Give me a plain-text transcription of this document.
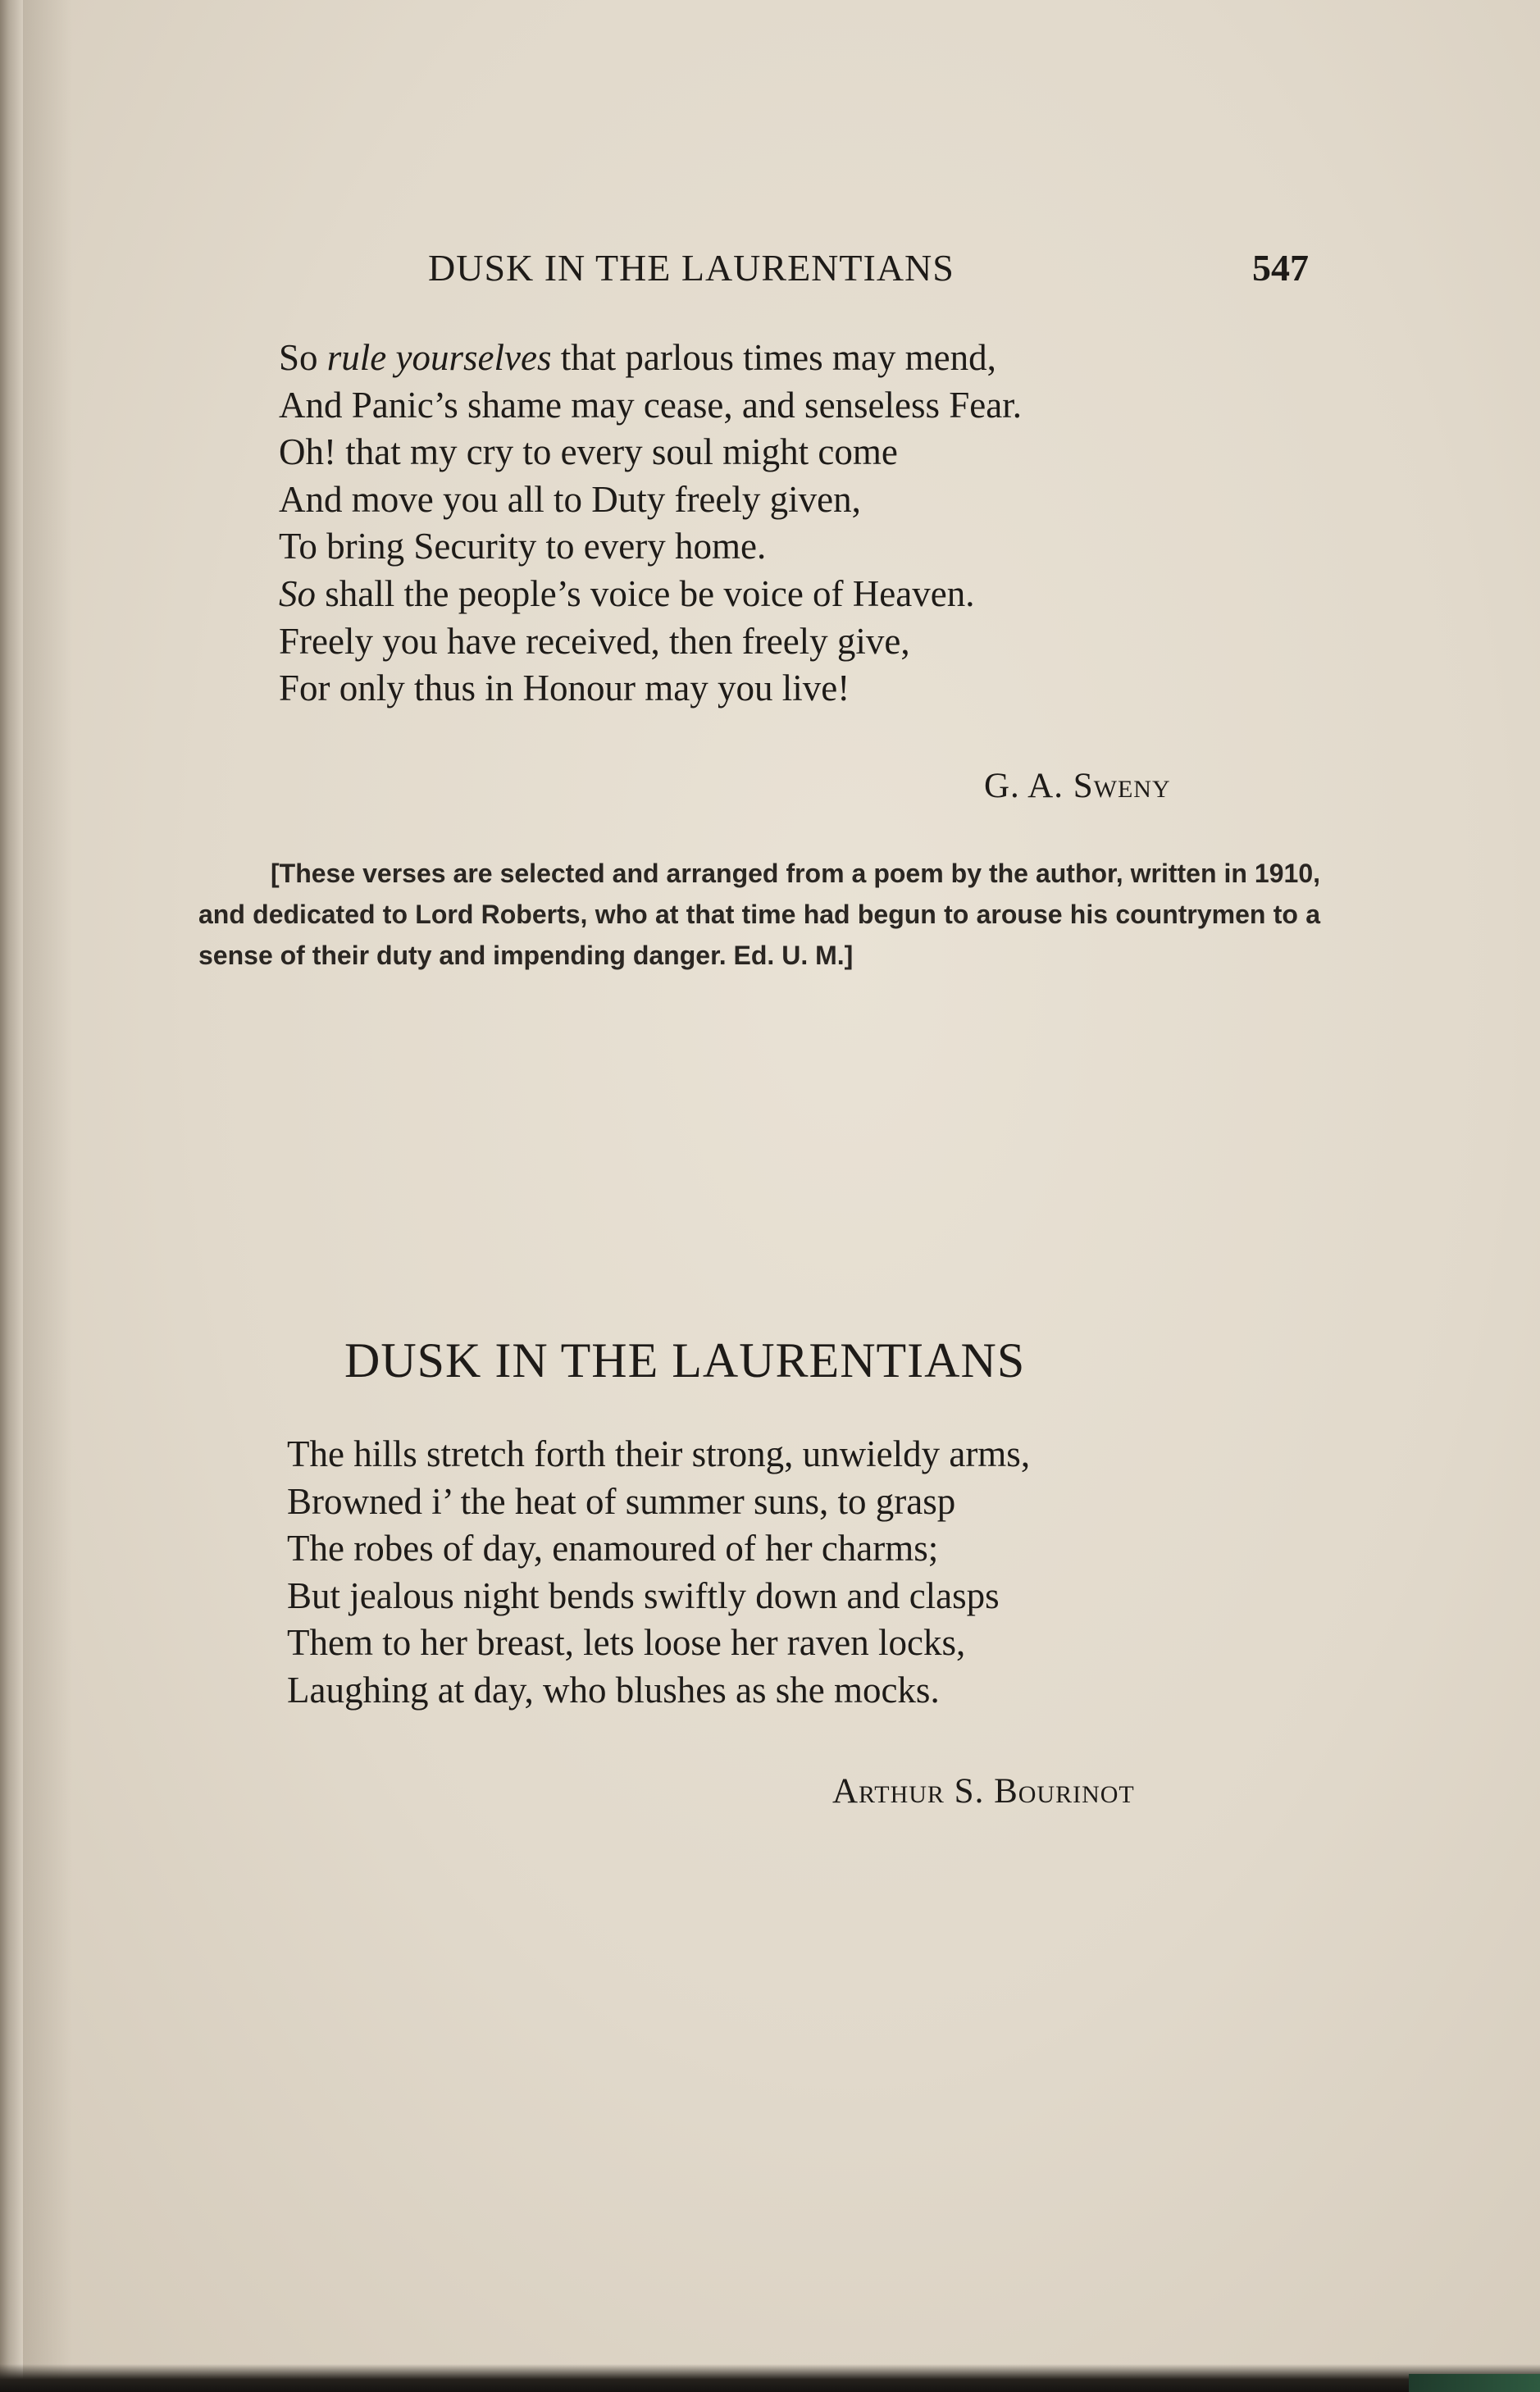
DUSK IN THE LAURENTIANS	547
So rule yourselves that parlous times may mend,
And Panic’s shame may cease, and senseless Fear.
Oh! that my cry to every soul might come
And move you all to Duty freely given,
To bring Security to every home.
So shall the people’s voice be voice of Heaven.
Freely you have received, then freely give,
For only thus in Honour may you live!
G. A. Sweny

[These verses are selected and arranged from a poem by the author, written in 1910, and dedicated to Lord Roberts, who at that time had begun to arouse his countrymen to a sense of their duty and impending danger. Ed. U. M.]

DUSK IN THE LAURENTIANS
The hills stretch forth their strong, unwieldy arms,
Browned i’ the heat of summer suns, to grasp
The robes of day, enamoured of her charms;
But jealous night bends swiftly down and clasps
Them to her breast, lets loose her raven locks,
Laughing at day, who blushes as she mocks.
Arthur S. Bourinot
